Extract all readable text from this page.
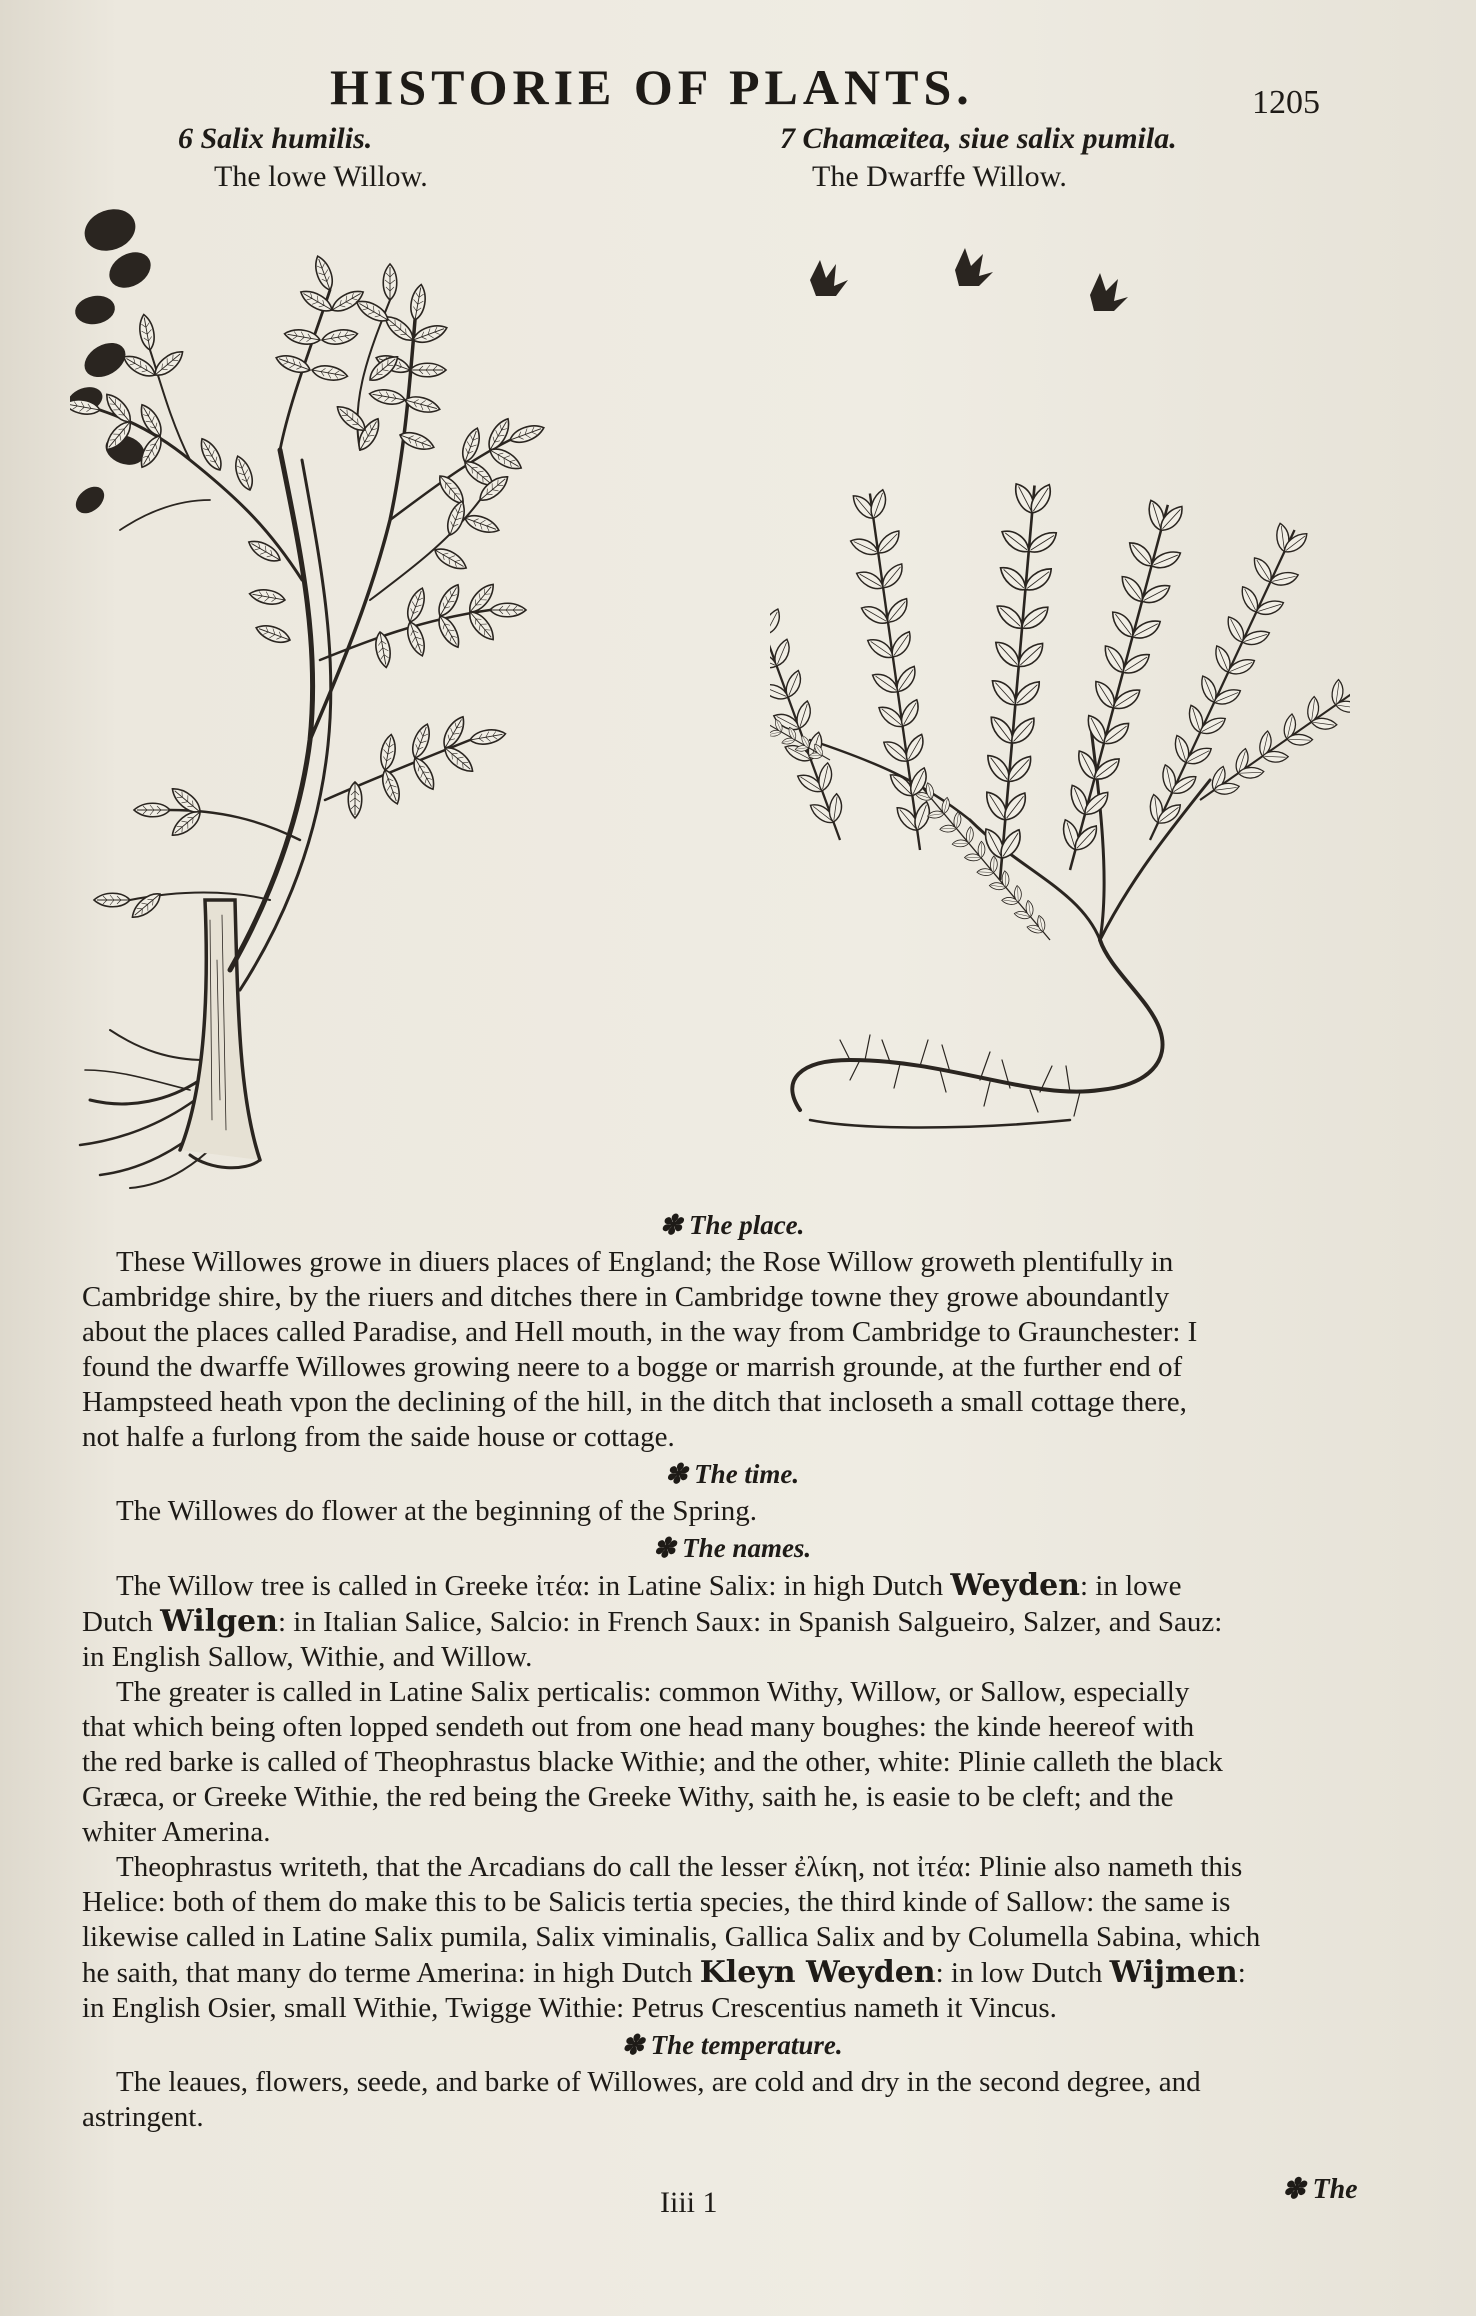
HISTORIE OF PLANTS.	1205
6 Salix humilis.
The lowe Willow.
7 Chamæitea, siue salix pumila.
The Dwarffe Willow.
✽ The place.

These Willowes growe in diuers places of England; the Rose Willow groweth plentifully in
Cambridge shire, by the riuers and ditches there in Cambridge towne they growe aboundantly
about the places called Paradise, and Hell mouth, in the way from Cambridge to Graunchester: I
found the dwarffe Willowes growing neere to a bogge or marrish grounde, at the further end of
Hampsteed heath vpon the declining of the hill, in the ditch that incloseth a small cottage there,
not halfe a furlong from the saide house or cottage.

✽ The time.

The Willowes do flower at the beginning of the Spring.

✽ The names.

The Willow tree is called in Greeke ἰτέα: in Latine Salix: in high Dutch Weyden: in lowe
Dutch Wilgen: in Italian Salice, Salcio: in French Saux: in Spanish Salgueiro, Salzer, and Sauz:
in English Sallow, Withie, and Willow.

The greater is called in Latine Salix perticalis: common Withy, Willow, or Sallow, especially
that which being often lopped sendeth out from one head many boughes: the kinde heereof with
the red barke is called of Theophrastus blacke Withie; and the other, white: Plinie calleth the black
Græca, or Greeke Withie, the red being the Greeke Withy, saith he, is easie to be cleft; and the
whiter Amerina.

Theophrastus writeth, that the Arcadians do call the lesser ἐλίκη, not ἰτέα: Plinie also nameth this
Helice: both of them do make this to be Salicis tertia species, the third kinde of Sallow: the same is
likewise called in Latine Salix pumila, Salix viminalis, Gallica Salix and by Columella Sabina, which
he saith, that many do terme Amerina: in high Dutch Kleyn Weyden: in low Dutch Wijmen:
in English Osier, small Withie, Twigge Withie: Petrus Crescentius nameth it Vincus.

✽ The temperature.

The leaues, flowers, seede, and barke of Willowes, are cold and dry in the second degree, and
astringent.

Iiii 1	✽ The
